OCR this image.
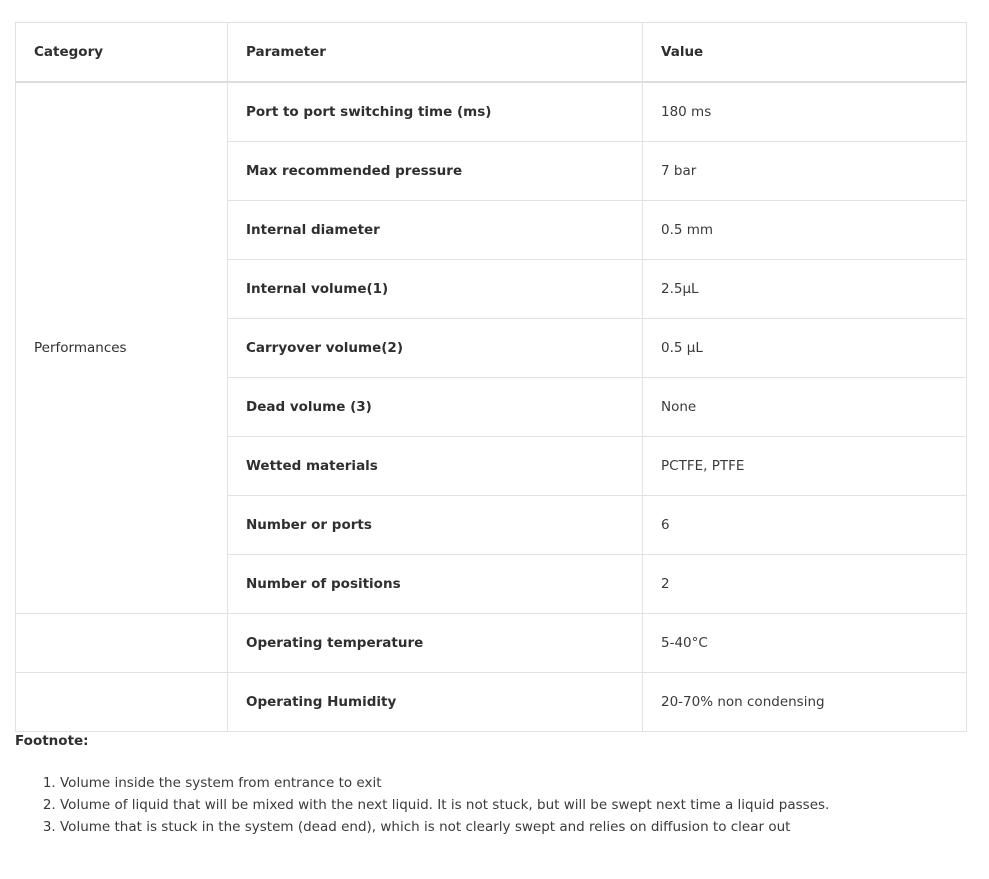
Category	Parameter	Value
Performances	Port to port switching time (ms)	180 ms
	Max recommended pressure	7 bar
	Internal diameter	0.5 mm
	Internal volume(1)	2.5µL
	Carryover volume(2)	0.5 µL
	Dead volume (3)	None
	Wetted materials	PCTFE, PTFE
	Number or ports	6
	Number of positions	2
	Operating temperature	5-40°C
	Operating Humidity	20-70% non condensing
Footnote:
1. Volume inside the system from entrance to exit
2. Volume of liquid that will be mixed with the next liquid. It is not stuck, but will be swept next time a liquid passes.
3. Volume that is stuck in the system (dead end), which is not clearly swept and relies on diffusion to clear out
